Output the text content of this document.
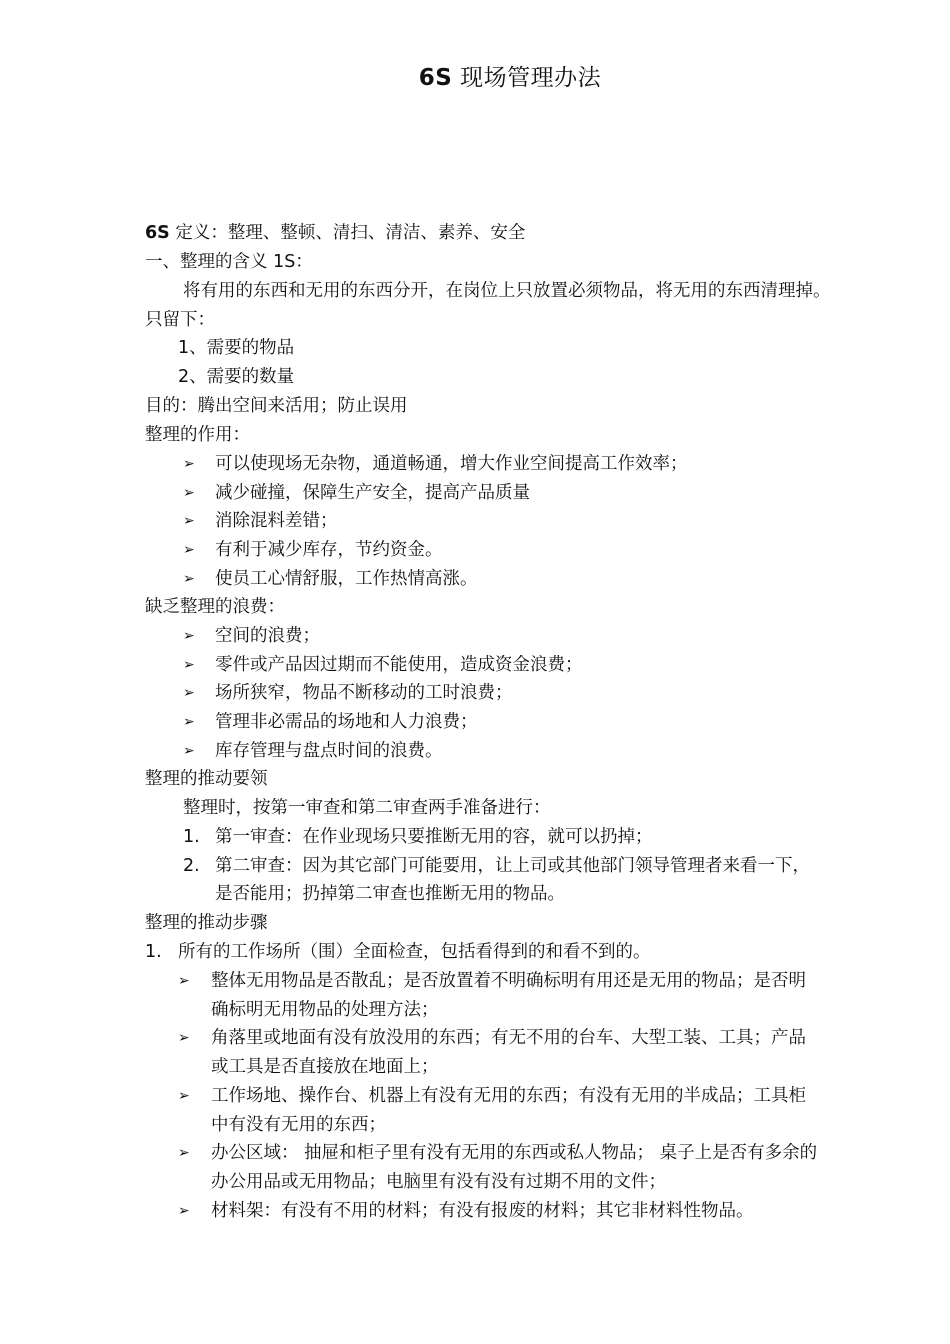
6S 现场管理办法
6S 定义：整理、整顿、清扫、清洁、素养、安全
一、整理的含义 1S：
将有用的东西和无用的东西分开，在岗位上只放置必须物品，将无用的东西清理掉。
只留下：
1、需要的物品
2、需要的数量
目的：腾出空间来活用；防止误用
整理的作用：
➢ 可以使现场无杂物，通道畅通，增大作业空间提高工作效率；
➢ 减少碰撞，保障生产安全，提高产品质量
➢ 消除混料差错；
➢ 有利于减少库存，节约资金。
➢ 使员工心情舒服，工作热情高涨。
缺乏整理的浪费：
➢ 空间的浪费；
➢ 零件或产品因过期而不能使用，造成资金浪费；
➢ 场所狭窄，物品不断移动的工时浪费；
➢ 管理非必需品的场地和人力浪费；
➢ 库存管理与盘点时间的浪费。
整理的推动要领
整理时，按第一审查和第二审查两手准备进行：
1. 第一审查：在作业现场只要推断无用的容，就可以扔掉；
2. 第二审查：因为其它部门可能要用，让上司或其他部门领导管理者来看一下，
是否能用；扔掉第二审查也推断无用的物品。
整理的推动步骤
1. 所有的工作场所（围）全面检查，包括看得到的和看不到的。
➢ 整体无用物品是否散乱；是否放置着不明确标明有用还是无用的物品；是否明
确标明无用物品的处理方法；
➢ 角落里或地面有没有放没用的东西；有无不用的台车、大型工装、工具；产品
或工具是否直接放在地面上；
➢ 工作场地、操作台、机器上有没有无用的东西；有没有无用的半成品；工具柜
中有没有无用的东西；
➢ 办公区域： 抽屉和柜子里有没有无用的东西或私人物品； 桌子上是否有多余的
办公用品或无用物品；电脑里有没有没有过期不用的文件；
➢ 材料架：有没有不用的材料；有没有报废的材料；其它非材料性物品。
